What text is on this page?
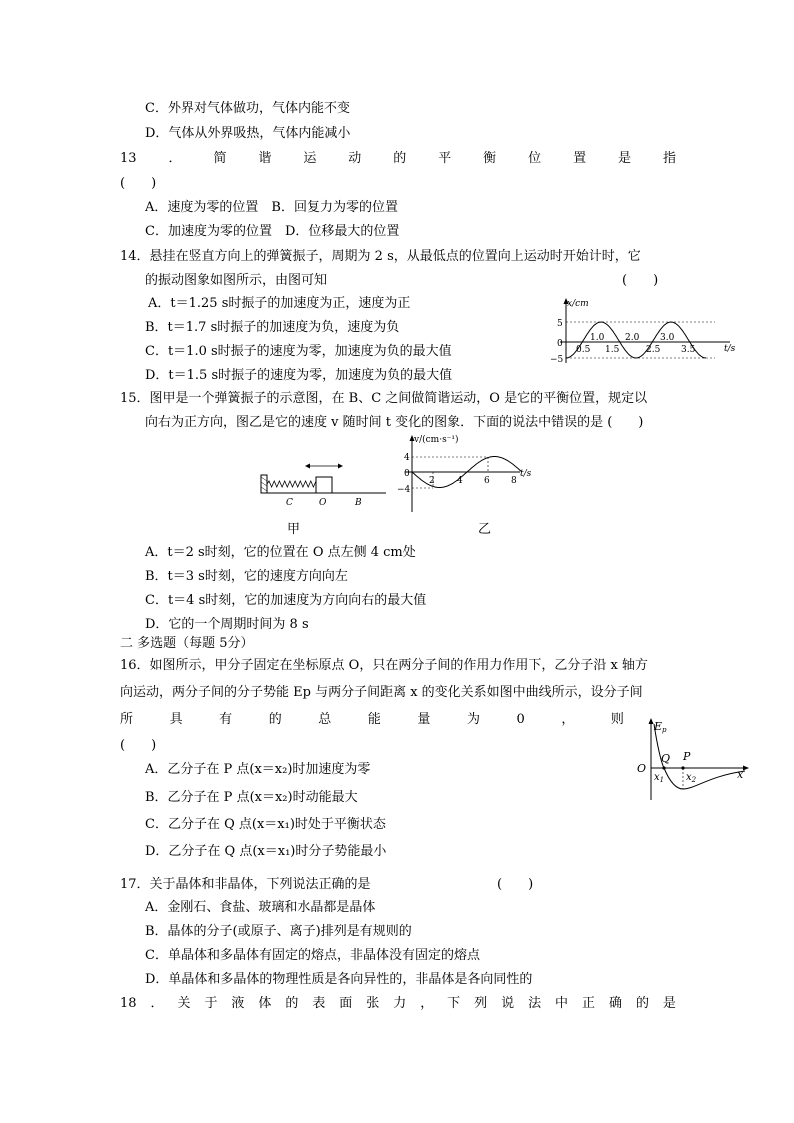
C．外界对气体做功，气体内能不变
D．气体从外界吸热，气体内能减小
13 ． 简 谐 运 动 的 平 衡 位 置 是 指
(　　)
A．速度为零的位置　B．回复力为零的位置
C．加速度为零的位置　D．位移最大的位置
14．悬挂在竖直方向上的弹簧振子，周期为 2 s，从最低点的位置向上运动时开始计时，它
的振动图象如图所示，由图可知	(　　)
A．t＝1.25 s时振子的加速度为正，速度为正
B．t＝1.7 s时振子的加速度为负，速度为负
C．t＝1.0 s时振子的速度为零，加速度为负的最大值
D．t＝1.5 s时振子的速度为零，加速度为负的最大值
x/cm
t/s
5
0
−5
1.0 2.0 3.0
0.5 1.5	2.5 3.5
15．图甲是一个弹簧振子的示意图，在 B、C 之间做简谐运动，O 是它的平衡位置，规定以
向右为正方向，图乙是它的速度 v 随时间 t 变化的图象．下面的说法中错误的是 (　　)
C	O	B
v/(cm·s⁻¹)
t/s
4
0
−4
2 4 6 8
甲	乙
A．t＝2 s时刻，它的位置在 O 点左侧 4 cm处
B．t＝3 s时刻，它的速度方向向左
C．t＝4 s时刻，它的加速度为方向向右的最大值
D．它的一个周期时间为 8 s
二 多选题（每题 5分）
16．如图所示，甲分子固定在坐标原点 O，只在两分子间的作用力作用下，乙分子沿 x 轴方
向运动，两分子间的分子势能 Ep 与两分子间距离 x 的变化关系如图中曲线所示，设分子间
所	具	有	的	总	能	量	为	0	，	则
(　　)
A．乙分子在 P 点(x＝x₂)时加速度为零
B．乙分子在 P 点(x＝x₂)时动能最大
C．乙分子在 Q 点(x＝x₁)时处于平衡状态
D．乙分子在 Q 点(x＝x₁)时分子势能最小
Ep
O	x
Q P
$x_1$ $x_2$
17．关于晶体和非晶体，下列说法正确的是	(　　)
A．金刚石、食盐、玻璃和水晶都是晶体
B．晶体的分子(或原子、离子)排列是有规则的
C．单晶体和多晶体有固定的熔点，非晶体没有固定的熔点
D．单晶体和多晶体的物理性质是各向异性的，非晶体是各向同性的
18 ． 关 于 液 体 的 表 面 张 力 ， 下 列 说 法 中 正 确 的 是
